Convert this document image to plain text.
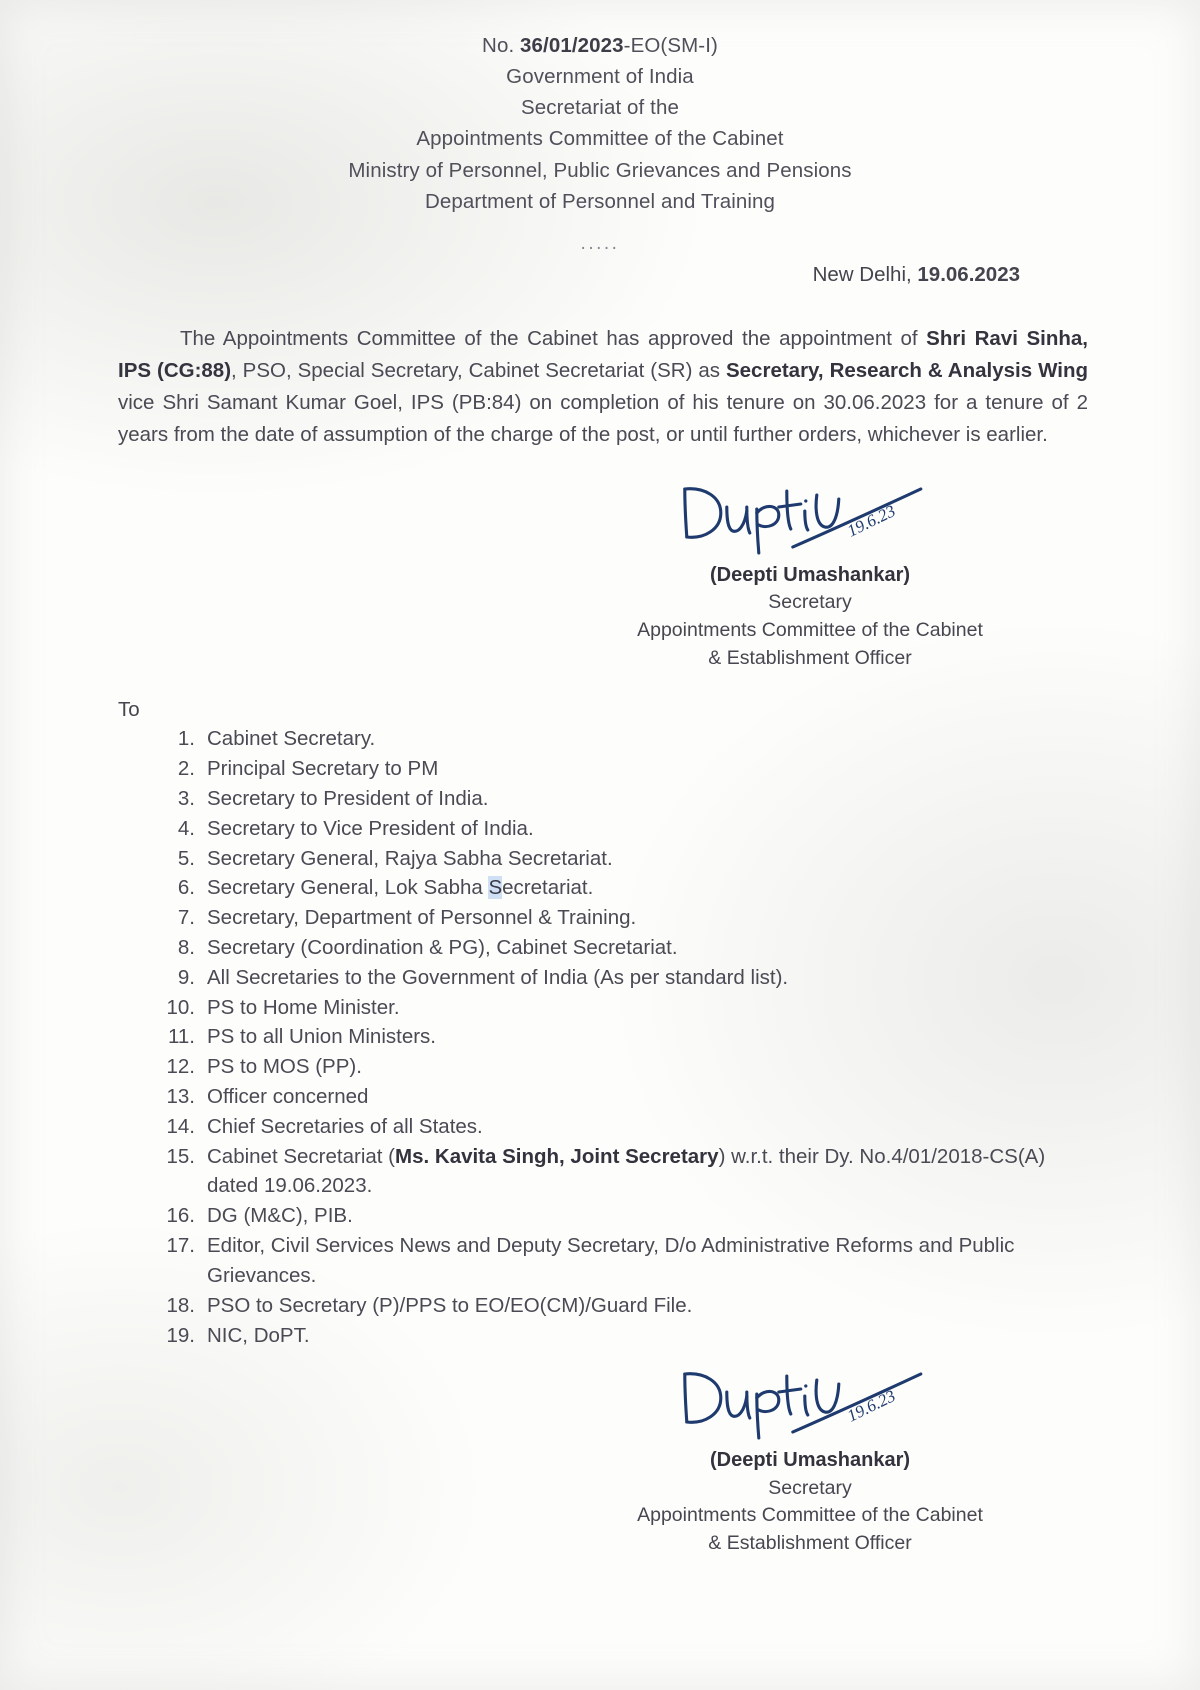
No. 36/01/2023-EO(SM-I)
Government of India
Secretariat of the
Appointments Committee of the Cabinet
Ministry of Personnel, Public Grievances and Pensions
Department of Personnel and Training
.....
New Delhi, 19.06.2023

The Appointments Committee of the Cabinet has approved the appointment of Shri Ravi Sinha, IPS (CG:88), PSO, Special Secretary, Cabinet Secretariat (SR) as Secretary, Research & Analysis Wing vice Shri Samant Kumar Goel, IPS (PB:84) on completion of his tenure on 30.06.2023 for a tenure of 2 years from the date of assumption of the charge of the post, or until further orders, whichever is earlier.

19.6.23
(Deepti Umashankar)
Secretary
Appointments Committee of the Cabinet
& Establishment Officer
To
1. Cabinet Secretary.
2. Principal Secretary to PM
3. Secretary to President of India.
4. Secretary to Vice President of India.
5. Secretary General, Rajya Sabha Secretariat.
6. Secretary General, Lok Sabha Secretariat.
7. Secretary, Department of Personnel & Training.
8. Secretary (Coordination & PG), Cabinet Secretariat.
9. All Secretaries to the Government of India (As per standard list).
10. PS to Home Minister.
11. PS to all Union Ministers.
12. PS to MOS (PP).
13. Officer concerned
14. Chief Secretaries of all States.
15. Cabinet Secretariat (Ms. Kavita Singh, Joint Secretary) w.r.t. their Dy. No.4/01/2018-CS(A) dated 19.06.2023.
16. DG (M&C), PIB.
17. Editor, Civil Services News and Deputy Secretary, D/o Administrative Reforms and Public Grievances.
18. PSO to Secretary (P)/PPS to EO/EO(CM)/Guard File.
19. NIC, DoPT.
19.6.23
(Deepti Umashankar)
Secretary
Appointments Committee of the Cabinet
& Establishment Officer
